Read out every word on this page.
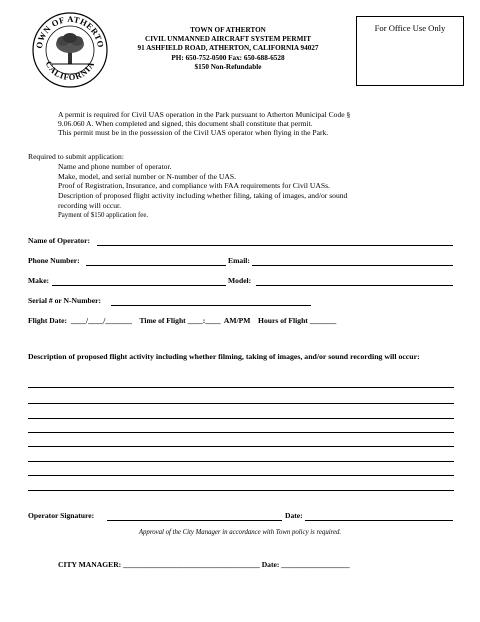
OWN OF ATHERTO
CALIFORNIA
TOWN OF ATHERTON
CIVIL UNMANNED AIRCRAFT SYSTEM PERMIT
91 ASHFIELD ROAD, ATHERTON, CALIFORNIA 94027
PH: 650-752-0500 Fax: 650-688-6528
$150 Non-Refundable
For Office Use Only
A permit is required for Civil UAS operation in the Park pursuant to Atherton Municipal Code §
9.06.060 A. When completed and signed, this document shall constitute that permit.
This permit must be in the possession of the Civil UAS operator when flying in the Park.
Required to submit application:
Name and phone number of operator.
Make, model, and serial number or N-number of the UAS.
Proof of Registration, Insurance, and compliance with FAA requirements for Civil UASs.
Description of proposed flight activity including whether filing, taking of images, and/or sound
recording will occur.
Payment of $150 application fee.
Name of Operator:
Phone Number:	Email:
Make:	Model:
Serial # or N-Number:
Flight Date:  ____/____/_______    Time of Flight ____:____  AM/PM    Hours of Flight _______
Description of proposed flight activity including whether filming, taking of images, and/or sound recording will occur:
Operator Signature:	Date:
Approval of the City Manager in accordance with Town policy is required.
CITY MANAGER: ____________________________________ Date: __________________
